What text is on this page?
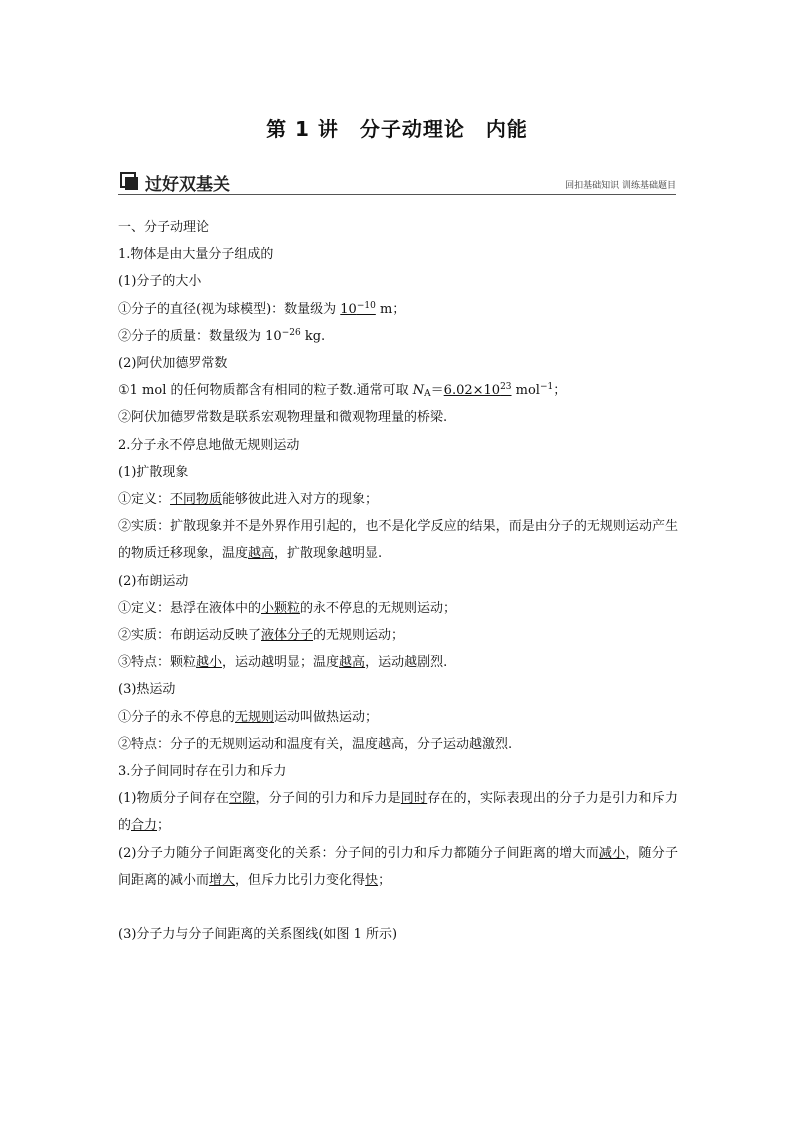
第 1 讲　分子动理论　内能
过好双基关	回扣基础知识 训练基础题目
一、分子动理论
1.物体是由大量分子组成的
(1)分子的大小
①分子的直径(视为球模型)：数量级为 $10^{-10}$ m；
②分子的质量：数量级为 $10^{-26}$ kg.
(2)阿伏加德罗常数
①1 mol 的任何物质都含有相同的粒子数.通常可取 $N_A=6.02\times 10^{23}$ mol$^{-1}$；
②阿伏加德罗常数是联系宏观物理量和微观物理量的桥梁.
2.分子永不停息地做无规则运动
(1)扩散现象
①定义：不同物质能够彼此进入对方的现象；
②实质：扩散现象并不是外界作用引起的，也不是化学反应的结果，而是由分子的无规则运动产生的物质迁移现象，温度越高，扩散现象越明显.
(2)布朗运动
①定义：悬浮在液体中的小颗粒的永不停息的无规则运动；
②实质：布朗运动反映了液体分子的无规则运动；
③特点：颗粒越小，运动越明显；温度越高，运动越剧烈.
(3)热运动
①分子的永不停息的无规则运动叫做热运动；
②特点：分子的无规则运动和温度有关，温度越高，分子运动越激烈.
3.分子间同时存在引力和斥力
(1)物质分子间存在空隙，分子间的引力和斥力是同时存在的，实际表现出的分子力是引力和斥力的合力；
(2)分子力随分子间距离变化的关系：分子间的引力和斥力都随分子间距离的增大而减小，随分子间距离的减小而增大，但斥力比引力变化得快；
(3)分子力与分子间距离的关系图线(如图 1 所示)
